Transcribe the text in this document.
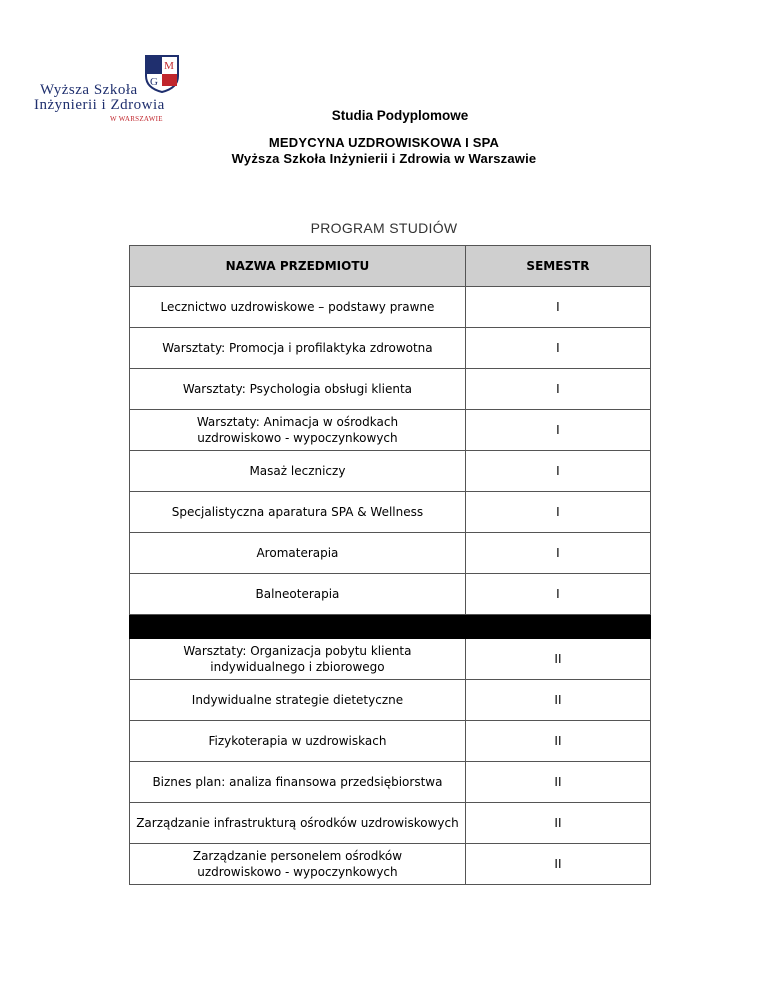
M
G
Wyższa Szkoła
Inżynierii i Zdrowia
W WARSZAWIE	Studia Podyplomowe
MEDYCYNA UZDROWISKOWA I SPA
Wyższa Szkoła Inżynierii i Zdrowia w Warszawie
PROGRAM STUDIÓW
NAZWA PRZEDMIOTU	SEMESTR
Lecznictwo uzdrowiskowe – podstawy prawne	I
Warsztaty: Promocja i profilaktyka zdrowotna	I
Warsztaty: Psychologia obsługi klienta	I
Warsztaty: Animacja w ośrodkach uzdrowiskowo - wypoczynkowych	I
Masaż leczniczy	I
Specjalistyczna aparatura SPA & Wellness	I
Aromaterapia	I
Balneoterapia	I

Warsztaty: Organizacja pobytu klienta indywidualnego i zbiorowego	II
Indywidualne strategie dietetyczne	II
Fizykoterapia w uzdrowiskach	II
Biznes plan: analiza finansowa przedsiębiorstwa	II
Zarządzanie infrastrukturą ośrodków uzdrowiskowych	II
Zarządzanie personelem ośrodków uzdrowiskowo - wypoczynkowych	II
